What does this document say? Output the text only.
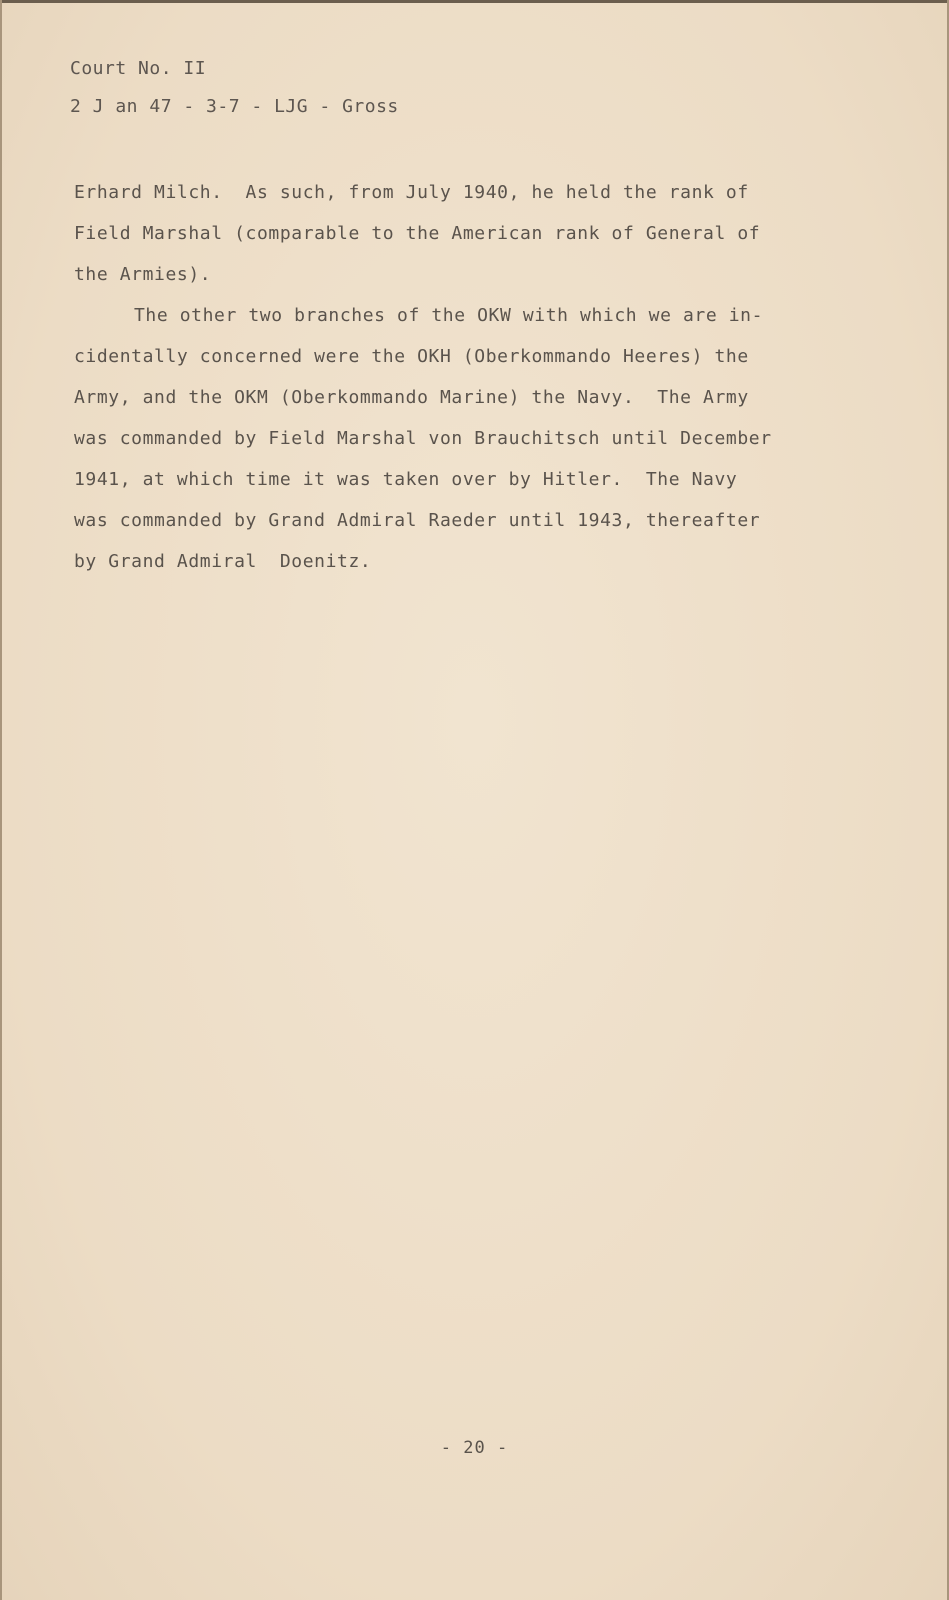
Court No. II
2 J an 47 - 3-7 - LJG - Gross
Erhard Milch.  As such, from July 1940, he held the rank of
Field Marshal (comparable to the American rank of General of
the Armies).
The other two branches of the OKW with which we are in-
cidentally concerned were the OKH (Oberkommando Heeres) the
Army, and the OKM (Oberkommando Marine) the Navy.  The Army
was commanded by Field Marshal von Brauchitsch until December
1941, at which time it was taken over by Hitler.  The Navy
was commanded by Grand Admiral Raeder until 1943, thereafter
by Grand Admiral  Doenitz.
- 20 -
